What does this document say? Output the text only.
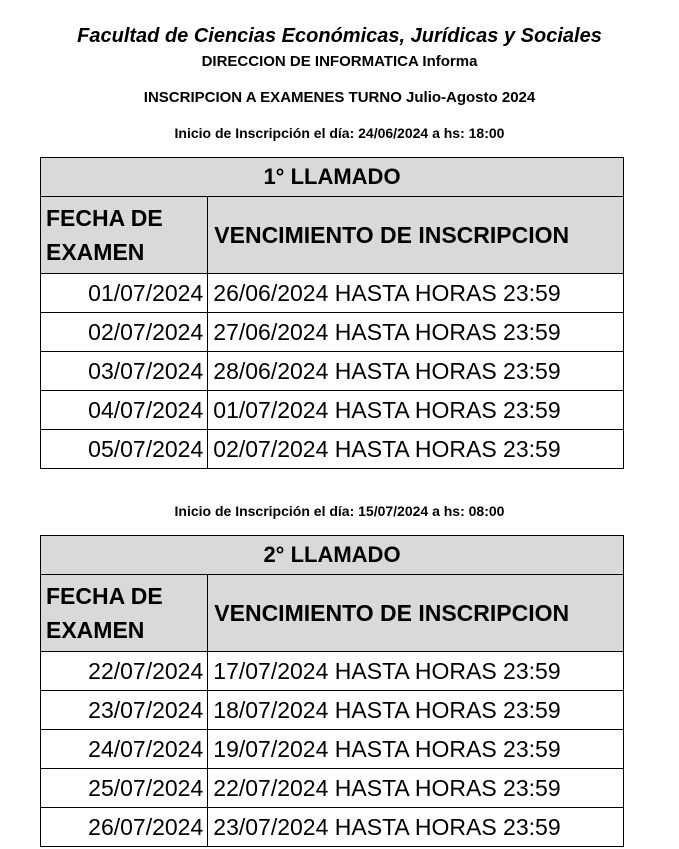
Facultad de Ciencias Económicas, Jurídicas y Sociales
DIRECCION DE INFORMATICA Informa
INSCRIPCION A EXAMENES TURNO Julio-Agosto 2024
Inicio de Inscripción el día: 24/06/2024 a hs: 18:00
1° LLAMADO	
FECHA DE EXAMEN	VENCIMIENTO DE INSCRIPCION
01/07/2024	26/06/2024 HASTA HORAS 23:59
02/07/2024	27/06/2024 HASTA HORAS 23:59
03/07/2024	28/06/2024 HASTA HORAS 23:59
04/07/2024	01/07/2024 HASTA HORAS 23:59
05/07/2024	02/07/2024 HASTA HORAS 23:59
Inicio de Inscripción el día: 15/07/2024 a hs: 08:00
2° LLAMADO	
FECHA DE EXAMEN	VENCIMIENTO DE INSCRIPCION
22/07/2024	17/07/2024 HASTA HORAS 23:59
23/07/2024	18/07/2024 HASTA HORAS 23:59
24/07/2024	19/07/2024 HASTA HORAS 23:59
25/07/2024	22/07/2024 HASTA HORAS 23:59
26/07/2024	23/07/2024 HASTA HORAS 23:59
